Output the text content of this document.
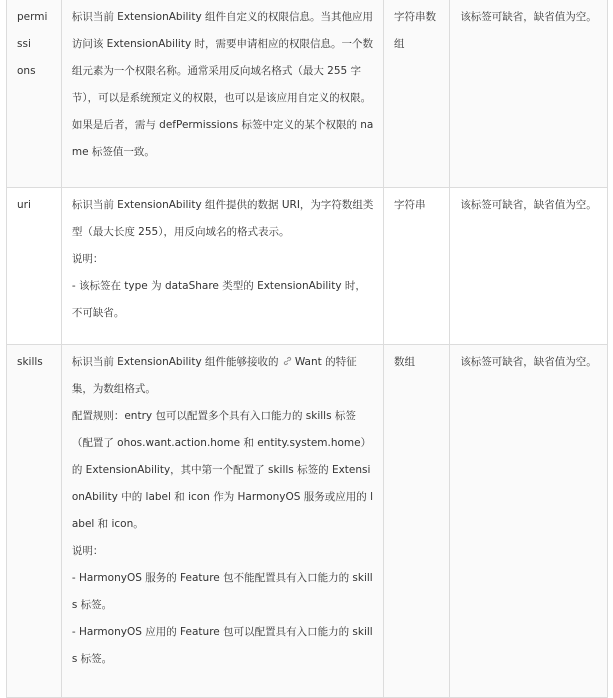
permissi
ons	标识当前 ExtensionAbility 组件自定义的权限信息。当其他应用访问该 ExtensionAbility 时，需要申请相应的权限信息。一个数组元素为一个权限名称。通常采用反向域名格式（最大 255 字节），可以是系统预定义的权限，也可以是该应用自定义的权限。如果是后者，需与 defPermissions 标签中定义的某个权限的 name 标签值一致。	字符串数组	该标签可缺省，缺省值为空。
uri	标识当前 ExtensionAbility 组件提供的数据 URI，为字符数组类型（最大长度 255），用反向域名的格式表示。
说明：
- 该标签在 type 为 dataShare 类型的 ExtensionAbility 时，不可缺省。	字符串	该标签可缺省，缺省值为空。
skills	标识当前 ExtensionAbility 组件能够接收的 Want 的特征集，为数组格式。
配置规则：entry 包可以配置多个具有入口能力的 skills 标签（配置了 ohos.want.action.home 和 entity.system.home）的 ExtensionAbility，其中第一个配置了 skills 标签的 ExtensionAbility 中的 label 和 icon 作为 HarmonyOS 服务或应用的 label 和 icon。
说明：
- HarmonyOS 服务的 Feature 包不能配置具有入口能力的 skills 标签。
- HarmonyOS 应用的 Feature 包可以配置具有入口能力的 skills 标签。	数组	该标签可缺省，缺省值为空。
